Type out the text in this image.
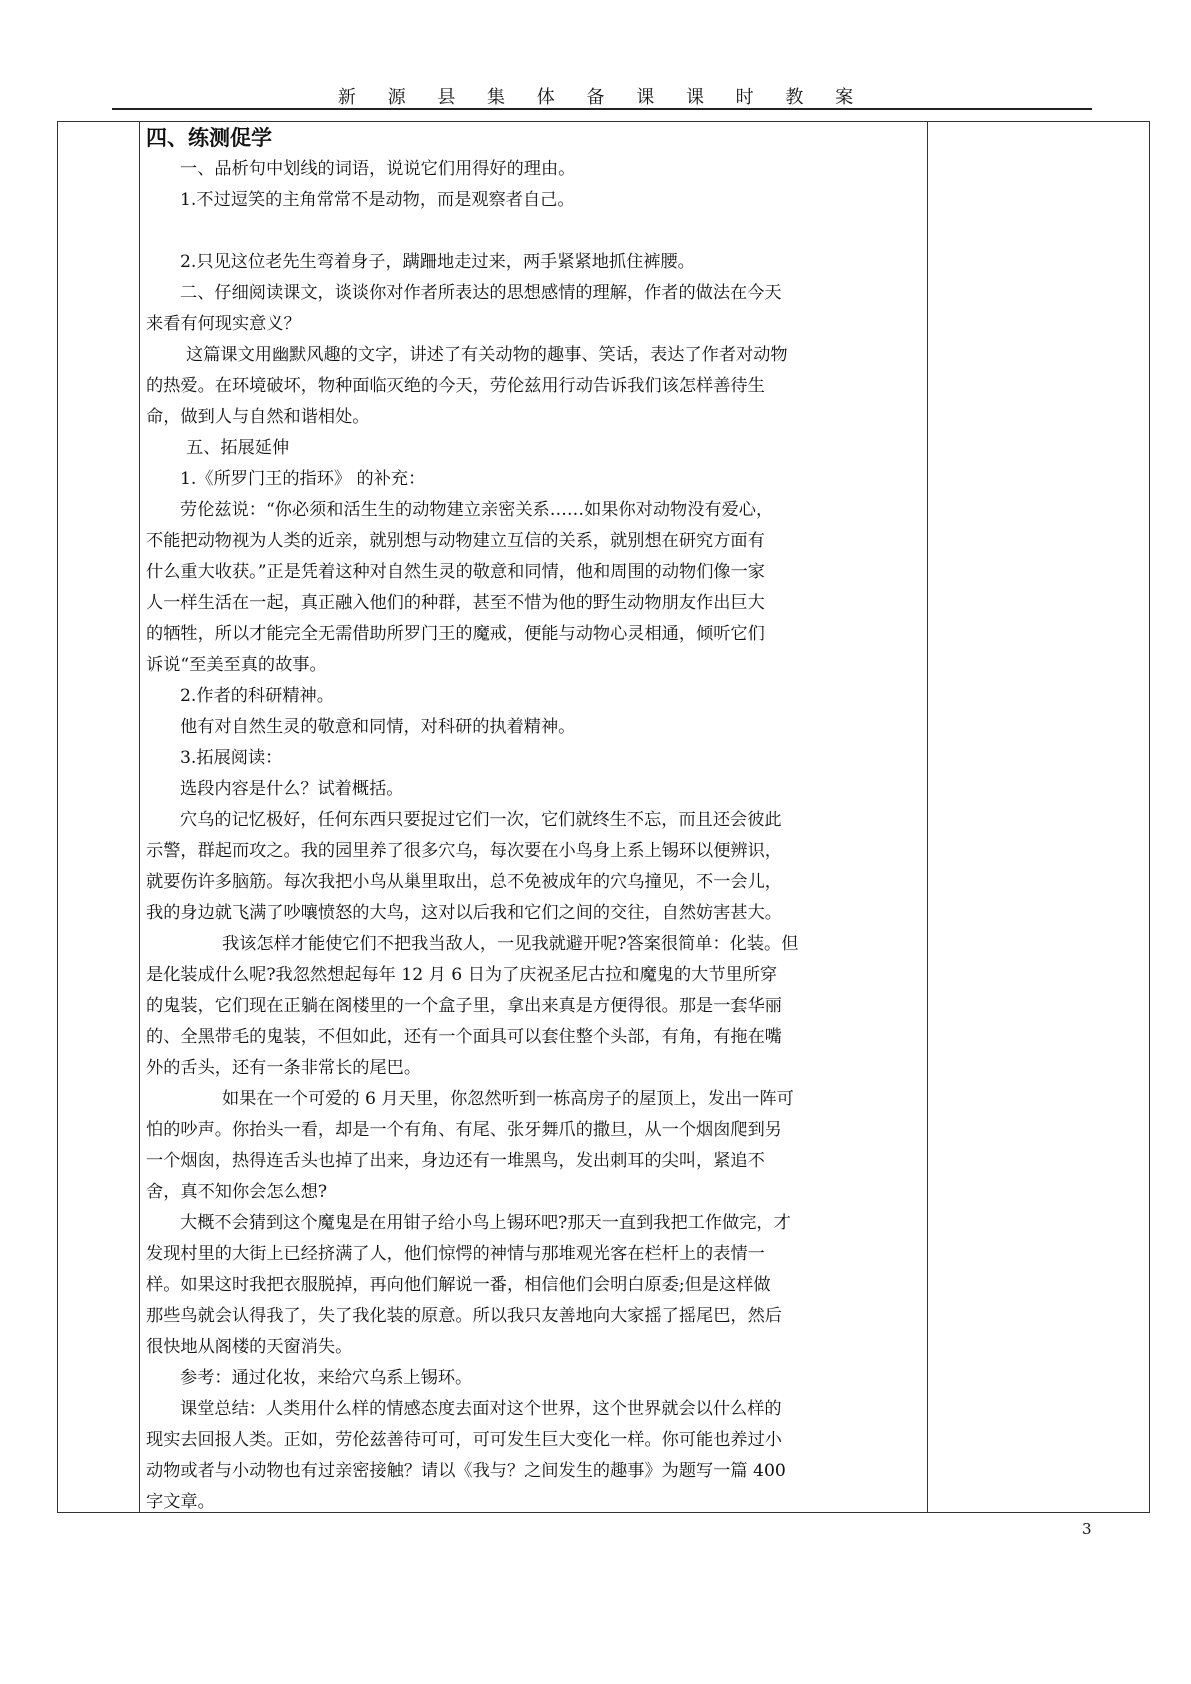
新 源 县 集 体 备 课 课 时 教 案
四、练测促学
一、品析句中划线的词语，说说它们用得好的理由。
1.不过逗笑的主角常常不是动物，而是观察者自己。
2.只见这位老先生弯着身子，蹒跚地走过来，两手紧紧地抓住裤腰。
二、仔细阅读课文，谈谈你对作者所表达的思想感情的理解，作者的做法在今天
来看有何现实意义？
这篇课文用幽默风趣的文字，讲述了有关动物的趣事、笑话，表达了作者对动物
的热爱。在环境破坏，物种面临灭绝的今天，劳伦兹用行动告诉我们该怎样善待生
命，做到人与自然和谐相处。
五、拓展延伸
1.《所罗门王的指环》 的补充：
劳伦兹说：“你必须和活生生的动物建立亲密关系……如果你对动物没有爱心，
不能把动物视为人类的近亲，就别想与动物建立互信的关系，就别想在研究方面有
什么重大收获。”正是凭着这种对自然生灵的敬意和同情，他和周围的动物们像一家
人一样生活在一起，真正融入他们的种群，甚至不惜为他的野生动物朋友作出巨大
的牺牲，所以才能完全无需借助所罗门王的魔戒，便能与动物心灵相通，倾听它们
诉说“至美至真的故事。
2.作者的科研精神。
他有对自然生灵的敬意和同情，对科研的执着精神。
3.拓展阅读：
选段内容是什么？试着概括。
穴乌的记忆极好，任何东西只要捉过它们一次，它们就终生不忘，而且还会彼此
示警，群起而攻之。我的园里养了很多穴乌，每次要在小鸟身上系上锡环以便辨识，
就要伤许多脑筋。每次我把小鸟从巢里取出，总不免被成年的穴乌撞见，不一会儿，
我的身边就飞满了吵嚷愤怒的大鸟，这对以后我和它们之间的交往，自然妨害甚大。
我该怎样才能使它们不把我当敌人，一见我就避开呢?答案很简单：化装。但
是化装成什么呢?我忽然想起每年 12 月 6 日为了庆祝圣尼古拉和魔鬼的大节里所穿
的鬼装，它们现在正躺在阁楼里的一个盒子里，拿出来真是方便得很。那是一套华丽
的、全黑带毛的鬼装，不但如此，还有一个面具可以套住整个头部，有角，有拖在嘴
外的舌头，还有一条非常长的尾巴。
如果在一个可爱的 6 月天里，你忽然听到一栋高房子的屋顶上，发出一阵可
怕的吵声。你抬头一看，却是一个有角、有尾、张牙舞爪的撒旦，从一个烟囱爬到另
一个烟囱，热得连舌头也掉了出来，身边还有一堆黑鸟，发出刺耳的尖叫，紧追不
舍，真不知你会怎么想?
大概不会猜到这个魔鬼是在用钳子给小鸟上锡环吧?那天一直到我把工作做完，才
发现村里的大街上已经挤满了人，他们惊愕的神情与那堆观光客在栏杆上的表情一
样。如果这时我把衣服脱掉，再向他们解说一番，相信他们会明白原委;但是这样做
那些鸟就会认得我了，失了我化装的原意。所以我只友善地向大家摇了摇尾巴，然后
很快地从阁楼的天窗消失。
参考：通过化妆，来给穴乌系上锡环。
课堂总结：人类用什么样的情感态度去面对这个世界，这个世界就会以什么样的
现实去回报人类。正如，劳伦兹善待可可，可可发生巨大变化一样。你可能也养过小
动物或者与小动物也有过亲密接触？请以《我与？之间发生的趣事》为题写一篇 400
字文章。
3
